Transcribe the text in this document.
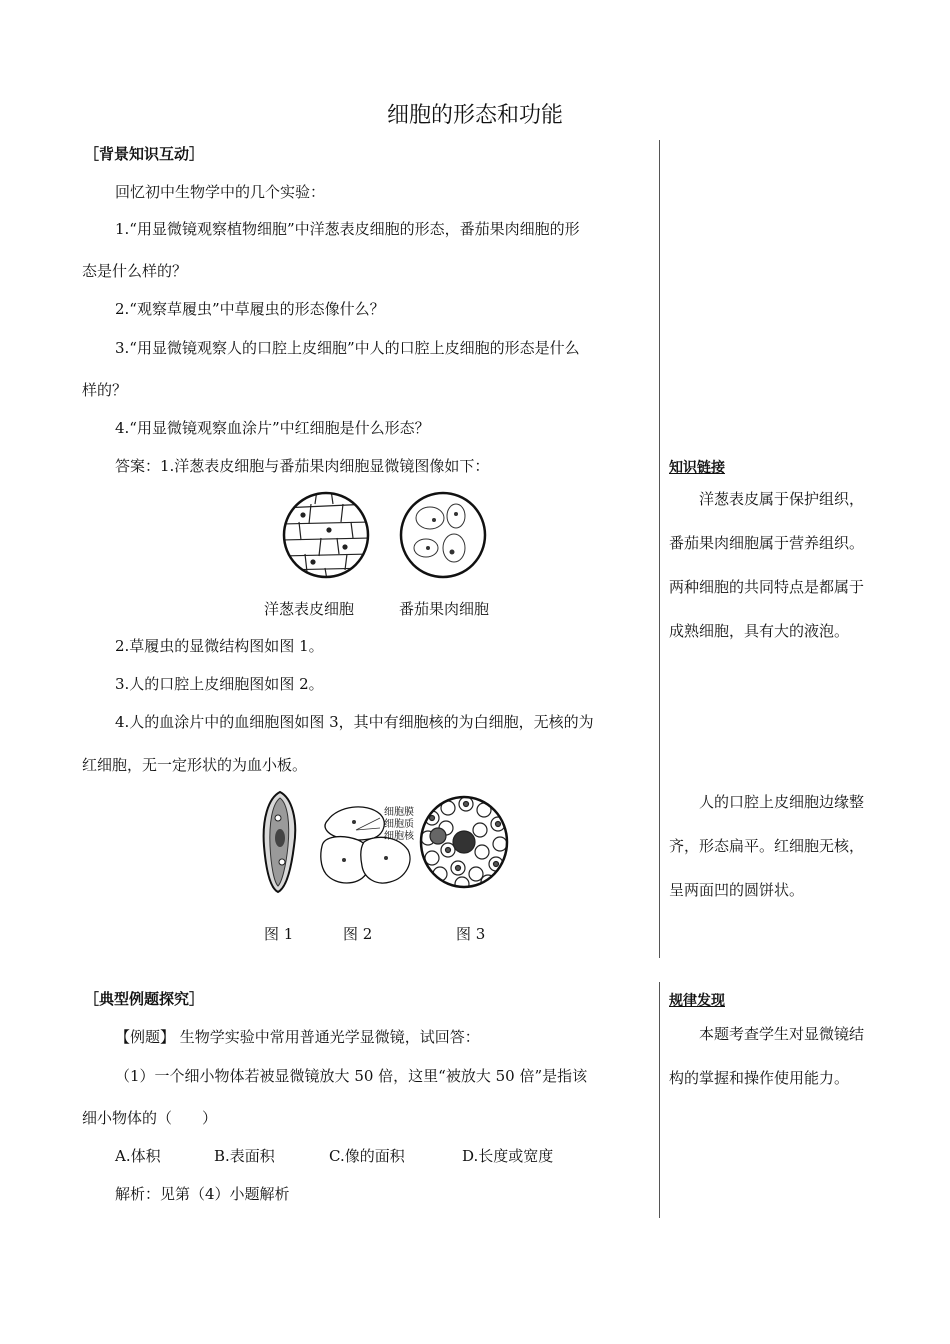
细胞的形态和功能
［背景知识互动］
回忆初中生物学中的几个实验：
1.“用显微镜观察植物细胞”中洋葱表皮细胞的形态，番茄果肉细胞的形
态是什么样的？
2.“观察草履虫”中草履虫的形态像什么？
3.“用显微镜观察人的口腔上皮细胞”中人的口腔上皮细胞的形态是什么
样的？
4.“用显微镜观察血涂片”中红细胞是什么形态？
答案：1.洋葱表皮细胞与番茄果肉细胞显微镜图像如下：
洋葱表皮细胞	番茄果肉细胞
2.草履虫的显微结构图如图 1。
3.人的口腔上皮细胞图如图 2。
4.人的血涂片中的血细胞图如图 3，其中有细胞核的为白细胞，无核的为
红细胞，无一定形状的为血小板。
细胞膜
细胞质
细胞核
图 1	图 2	图 3
知识链接
洋葱表皮属于保护组织，番茄果肉细胞属于营养组织。两种细胞的共同特点是都属于成熟细胞，具有大的液泡。
人的口腔上皮细胞边缘整齐，形态扁平。红细胞无核，呈两面凹的圆饼状。
［典型例题探究］
【例题】 生物学实验中常用普通光学显微镜，试回答：
（1）一个细小物体若被显微镜放大 50 倍，这里“被放大 50 倍”是指该
细小物体的（　　）
A.体积	B.表面积	C.像的面积	D.长度或宽度
解析：见第（4）小题解析
规律发现
本题考查学生对显微镜结构的掌握和操作使用能力。
